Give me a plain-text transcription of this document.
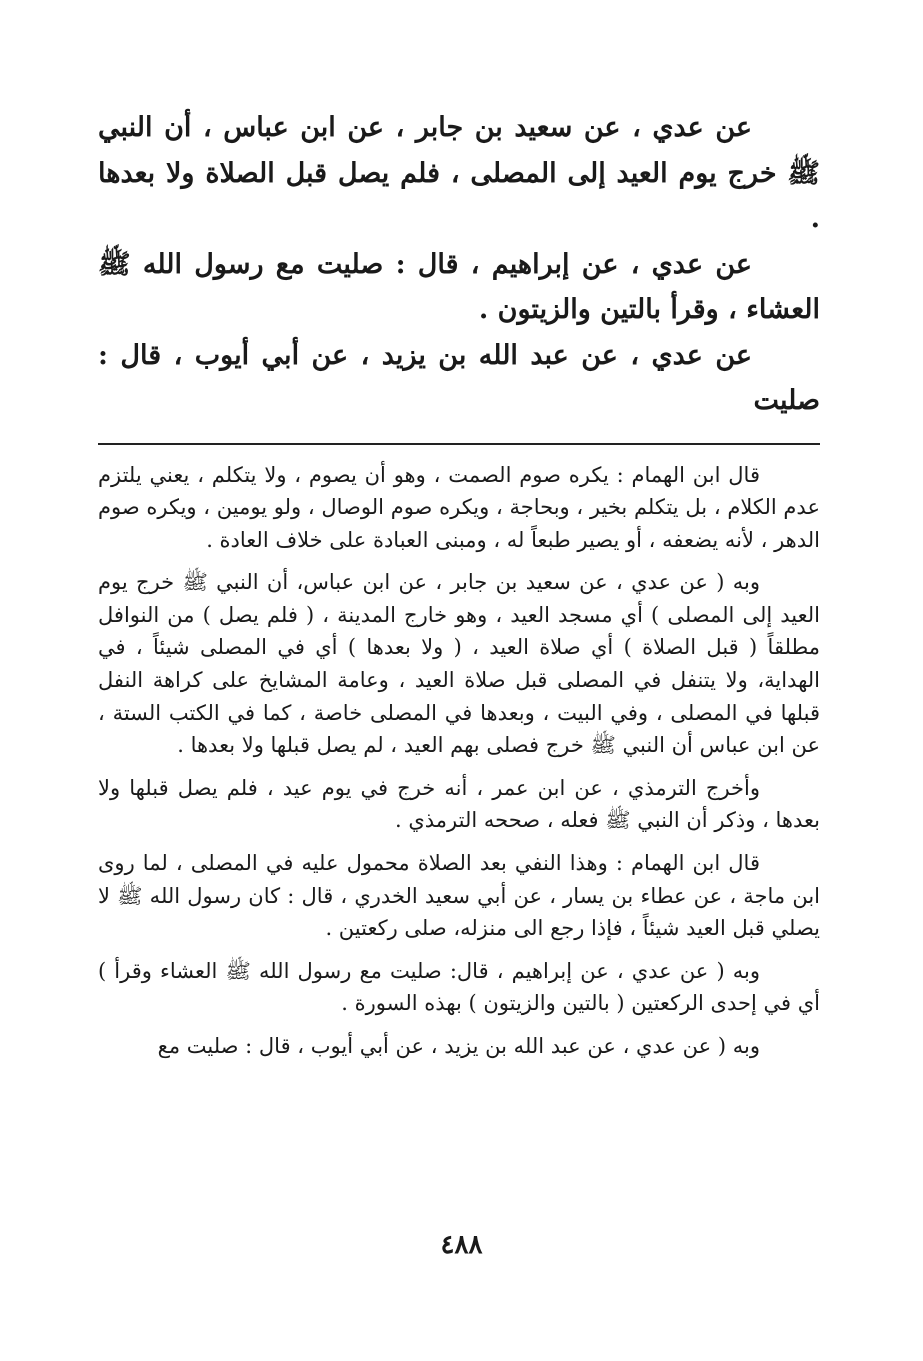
عن عدي ، عن سعيد بن جابر ، عن ابن عباس ، أن النبي ﷺ خرج يوم العيد إلى المصلى ، فلم يصل قبل الصلاة ولا بعدها .

عن عدي ، عن إبراهيم ، قال : صليت مع رسول الله ﷺ العشاء ، وقرأ بالتين والزيتون .

عن عدي ، عن عبد الله بن يزيد ، عن أبي أيوب ، قال : صليت

قال ابن الهمام : يكره صوم الصمت ، وهو أن يصوم ، ولا يتكلم ، يعني يلتزم عدم الكلام ، بل يتكلم بخير ، وبحاجة ، ويكره صوم الوصال ، ولو يومين ، ويكره صوم الدهر ، لأنه يضعفه ، أو يصير طبعاً له ، ومبنى العبادة على خلاف العادة .

وبه ( عن عدي ، عن سعيد بن جابر ، عن ابن عباس، أن النبي ﷺ خرج يوم العيد إلى المصلى ) أي مسجد العيد ، وهو خارج المدينة ، ( فلم يصل ) من النوافل مطلقاً ( قبل الصلاة ) أي صلاة العيد ، ( ولا بعدها ) أي في المصلى شيئاً ، في الهداية، ولا يتنفل في المصلى قبل صلاة العيد ، وعامة المشايخ على كراهة النفل قبلها في المصلى ، وفي البيت ، وبعدها في المصلى خاصة ، كما في الكتب الستة ، عن ابن عباس أن النبي ﷺ خرج فصلى بهم العيد ، لم يصل قبلها ولا بعدها .

وأخرج الترمذي ، عن ابن عمر ، أنه خرج في يوم عيد ، فلم يصل قبلها ولا بعدها ، وذكر أن النبي ﷺ فعله ، صححه الترمذي .

قال ابن الهمام : وهذا النفي بعد الصلاة محمول عليه في المصلى ، لما روى ابن ماجة ، عن عطاء بن يسار ، عن أبي سعيد الخدري ، قال : كان رسول الله ﷺ لا يصلي قبل العيد شيئاً ، فإذا رجع الى منزله، صلى ركعتين .

وبه ( عن عدي ، عن إبراهيم ، قال: صليت مع رسول الله ﷺ العشاء وقرأ ) أي في إحدى الركعتين ( بالتين والزيتون ) بهذه السورة .

وبه ( عن عدي ، عن عبد الله بن يزيد ، عن أبي أيوب ، قال : صليت مع

٤٨٨
